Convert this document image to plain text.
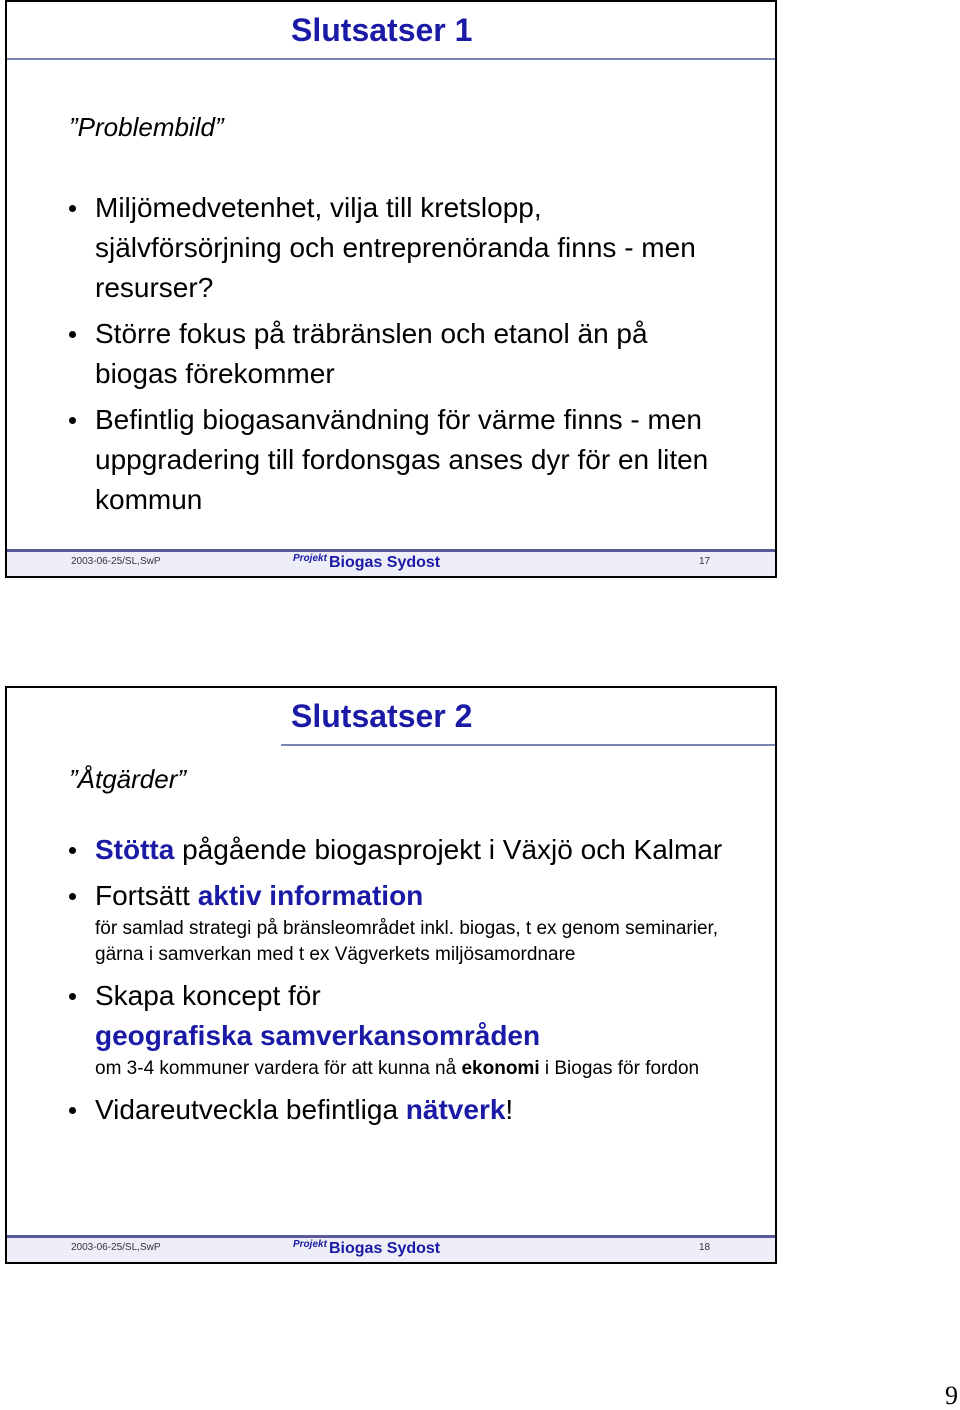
Slutsatser 1
”Problembild”
Miljömedvetenhet, vilja till kretslopp, självförsörjning och entreprenöranda finns - men resurser?
Större fokus på träbränslen och etanol än på biogas förekommer
Befintlig biogasanvändning för värme finns - men uppgradering till fordonsgas anses dyr för en liten kommun
2003-06-25/SL,SwP	Projekt Biogas Sydost	17
Slutsatser 2
”Åtgärder”
Stötta pågående biogasprojekt i Växjö och Kalmar
Fortsätt aktiv information
för samlad strategi på bränsleområdet inkl. biogas, t ex genom seminarier, gärna i samverkan med t ex Vägverkets miljösamordnare
Skapa koncept för
geografiska samverkansområden
om 3-4 kommuner vardera för att kunna nå ekonomi i Biogas för fordon
Vidareutveckla befintliga nätverk!
2003-06-25/SL,SwP	Projekt Biogas Sydost	18
9
